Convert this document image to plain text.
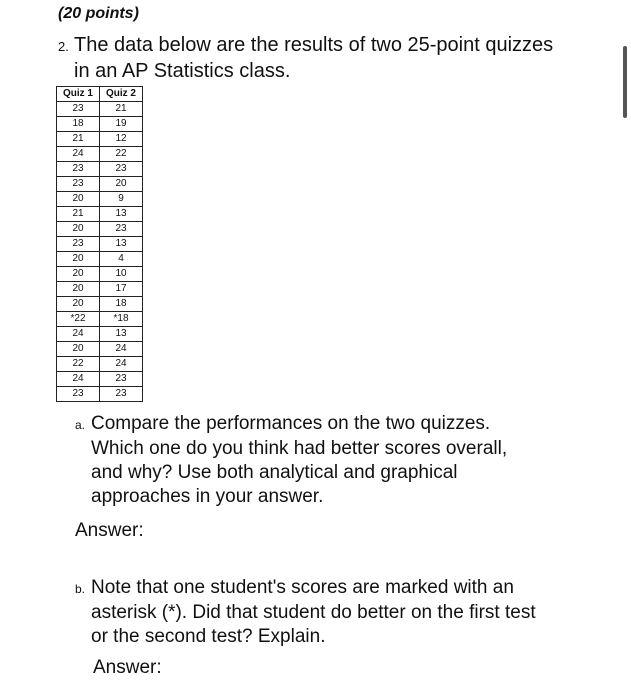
(20 points)
2. The data below are the results of two 25-point quizzes
in an AP Statistics class.
Quiz 1	Quiz 2
23	21
18	19
21	12
24	22
23	23
23	20
20	9
21	13
20	23
23	13
20	4
20	10
20	17
20	18
*22	*18
24	13
20	24
22	24
24	23
23	23
a. Compare the performances on the two quizzes.
Which one do you think had better scores overall,
and why? Use both analytical and graphical
approaches in your answer.
Answer:
b. Note that one student's scores are marked with an
asterisk (*). Did that student do better on the first test
or the second test? Explain.
Answer:
